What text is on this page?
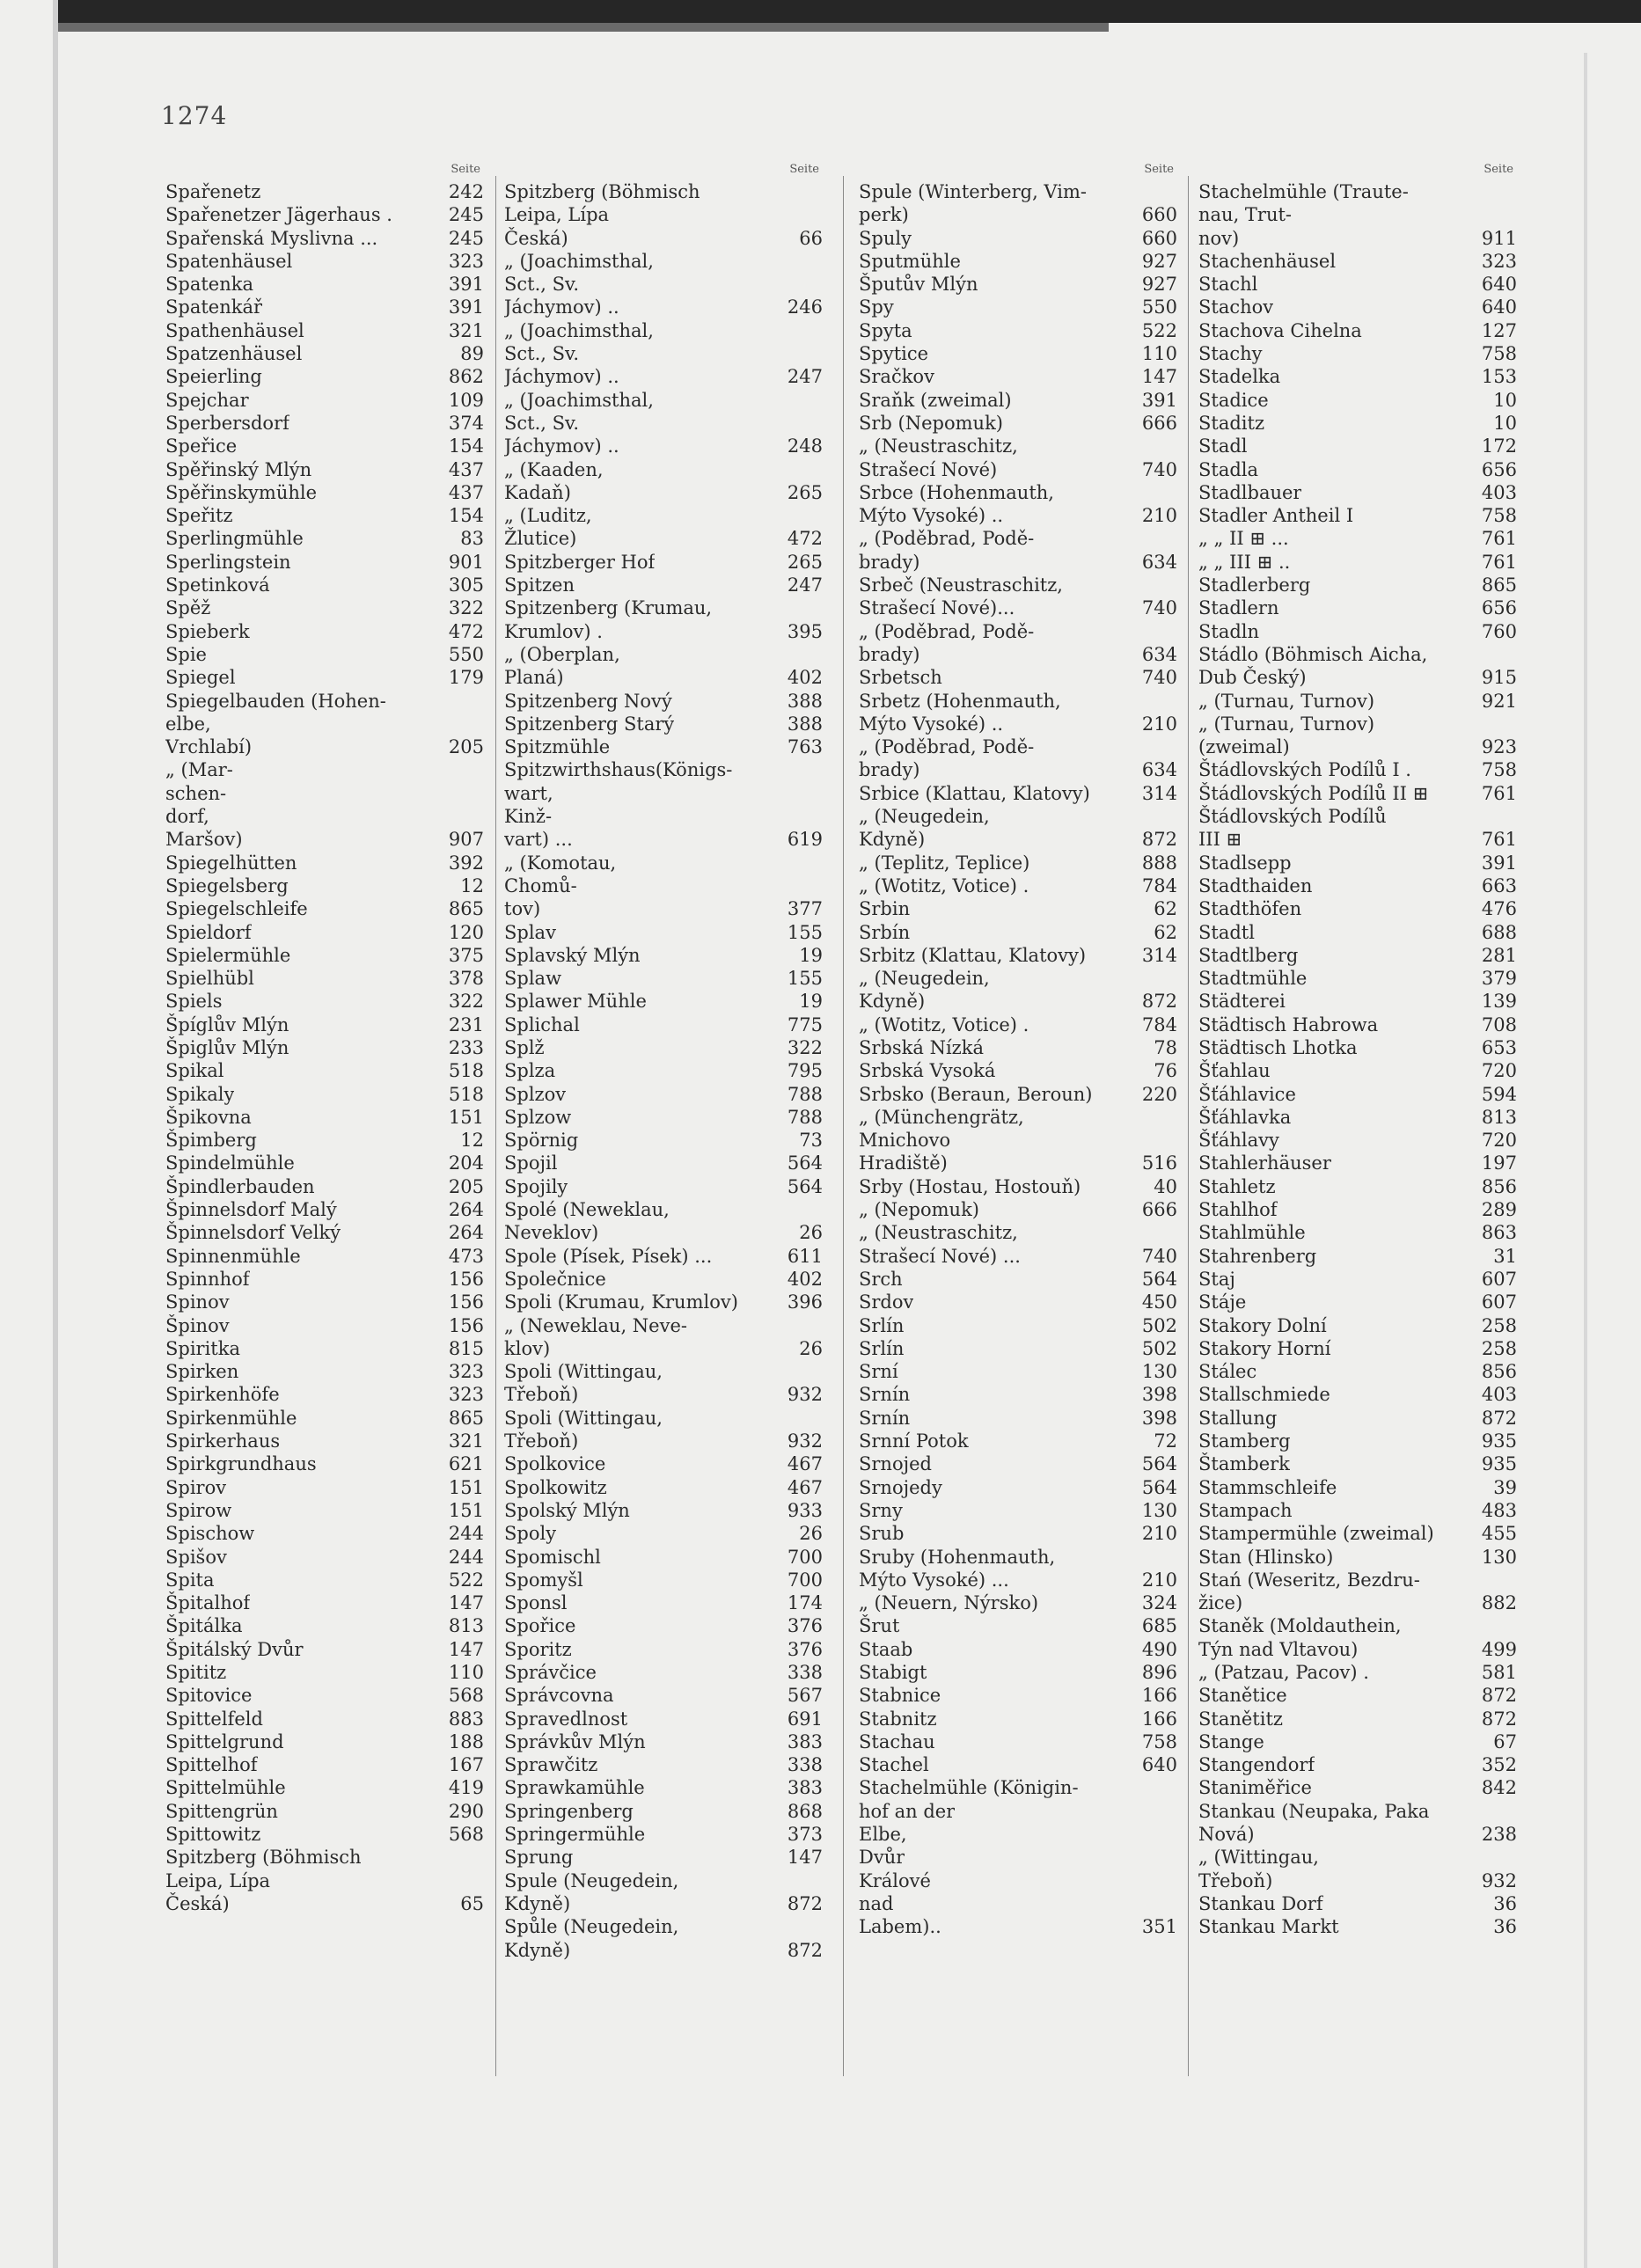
1274
Seite
Spařenetz	242
Spařenetzer Jägerhaus .	245
Spařenská Myslivna ...	245
Spatenhäusel	323
Spatenka	391
Spatenkář	391
Spathenhäusel	321
Spatzenhäusel	89
Speierling	862
Spejchar	109
Sperbersdorf	374
Speřice	154
Spěřinský Mlýn	437
Spěřinskymühle	437
Speřitz	154
Sperlingmühle	83
Sperlingstein	901
Spetinková	305
Spěž	322
Spieberk	472
Spie	550
Spiegel	179
Spiegelbauden (Hohen-
elbe,
Vrchlabí)	205
„ (Mar-
schen-
dorf,
Maršov)	907
Spiegelhütten	392
Spiegelsberg	12
Spiegelschleife	865
Spieldorf	120
Spielermühle	375
Spielhübl	378
Spiels	322
Špíglův Mlýn	231
Špiglův Mlýn	233
Spikal	518
Spikaly	518
Špikovna	151
Špimberg	12
Spindelmühle	204
Špindlerbauden	205
Špinnelsdorf Malý	264
Špinnelsdorf Velký	264
Spinnenmühle	473
Spinnhof	156
Spinov	156
Špinov	156
Spiritka	815
Spirken	323
Spirkenhöfe	323
Spirkenmühle	865
Spirkerhaus	321
Spirkgrundhaus	621
Spirov	151
Spirow	151
Spischow	244
Spišov	244
Spita	522
Špitalhof	147
Špitálka	813
Špitálský Dvůr	147
Spititz	110
Spitovice	568
Spittelfeld	883
Spittelgrund	188
Spittelhof	167
Spittelmühle	419
Spittengrün	290
Spittowitz	568
Spitzberg (Böhmisch
Leipa, Lípa
Česká)	65
Seite
Spitzberg (Böhmisch
Leipa, Lípa
Česká)	66
„ (Joachimsthal,
Sct., Sv.
Jáchymov) ..	246
„ (Joachimsthal,
Sct., Sv.
Jáchymov) ..	247
„ (Joachimsthal,
Sct., Sv.
Jáchymov) ..	248
„ (Kaaden,
Kadaň)	265
„ (Luditz,
Žlutice)	472
Spitzberger Hof	265
Spitzen	247
Spitzenberg (Krumau,
Krumlov) .	395
„ (Oberplan,
Planá)	402
Spitzenberg Nový	388
Spitzenberg Starý	388
Spitzmühle	763
Spitzwirthshaus(Königs-
wart,
Kinž-
vart) ...	619
„ (Komotau,
Chomů-
tov)	377
Splav	155
Splavský Mlýn	19
Splaw	155
Splawer Mühle	19
Splichal	775
Splž	322
Splza	795
Splzov	788
Splzow	788
Spörnig	73
Spojil	564
Spojily	564
Spolé (Neweklau,
Neveklov)	26
Spole (Písek, Písek) ...	611
Společnice	402
Spoli (Krumau, Krumlov)	396
„ (Neweklau, Neve-
klov)	26
Spoli (Wittingau,
Třeboň)	932
Spoli (Wittingau,
Třeboň)	932
Spolkovice	467
Spolkowitz	467
Spolský Mlýn	933
Spoly	26
Spomischl	700
Spomyšl	700
Sponsl	174
Spořice	376
Sporitz	376
Správčice	338
Správcovna	567
Spravedlnost	691
Správkův Mlýn	383
Sprawčitz	338
Sprawkamühle	383
Springenberg	868
Springermühle	373
Sprung	147
Spule (Neugedein,
Kdyně)	872
Spůle (Neugedein,
Kdyně)	872
Seite
Spule (Winterberg, Vim-
perk)	660
Spuly	660
Sputmühle	927
Šputův Mlýn	927
Spy	550
Spyta	522
Spytice	110
Sračkov	147
Sraňk (zweimal)	391
Srb (Nepomuk)	666
„ (Neustraschitz,
Strašecí Nové)	740
Srbce (Hohenmauth,
Mýto Vysoké) ..	210
„ (Poděbrad, Podě-
brady)	634
Srbeč (Neustraschitz,
Strašecí Nové)...	740
„ (Poděbrad, Podě-
brady)	634
Srbetsch	740
Srbetz (Hohenmauth,
Mýto Vysoké) ..	210
„ (Poděbrad, Podě-
brady)	634
Srbice (Klattau, Klatovy)	314
„ (Neugedein,
Kdyně)	872
„ (Teplitz, Teplice)	888
„ (Wotitz, Votice) .	784
Srbin	62
Srbín	62
Srbitz (Klattau, Klatovy)	314
„ (Neugedein,
Kdyně)	872
„ (Wotitz, Votice) .	784
Srbská Nízká	78
Srbská Vysoká	76
Srbsko (Beraun, Beroun)	220
„ (Münchengrätz,
Mnichovo
Hradiště)	516
Srby (Hostau, Hostouň)	40
„ (Nepomuk)	666
„ (Neustraschitz,
Strašecí Nové) ...	740
Srch	564
Srdov	450
Srlín	502
Srlín	502
Srní	130
Srnín	398
Srnín	398
Srnní Potok	72
Srnojed	564
Srnojedy	564
Srny	130
Srub	210
Sruby (Hohenmauth,
Mýto Vysoké) ...	210
„ (Neuern, Nýrsko)	324
Šrut	685
Staab	490
Stabigt	896
Stabnice	166
Stabnitz	166
Stachau	758
Stachel	640
Stachelmühle (Königin-
hof an der
Elbe,
Dvůr
Králové
nad
Labem)..	351
Seite
Stachelmühle (Traute-
nau, Trut-
nov)	911
Stachenhäusel	323
Stachl	640
Stachov	640
Stachova Cihelna	127
Stachy	758
Stadelka	153
Stadice	10
Staditz	10
Stadl	172
Stadla	656
Stadlbauer	403
Stadler Antheil I	758
„ „ II ⊞ ...	761
„ „ III ⊞ ..	761
Stadlerberg	865
Stadlern	656
Stadln	760
Stádlo (Böhmisch Aicha,
Dub Český)	915
„ (Turnau, Turnov)	921
„ (Turnau, Turnov)
(zweimal)	923
Štádlovských Podílů I .	758
Štádlovských Podílů II ⊞	761
Štádlovských Podílů
III ⊞	761
Stadlsepp	391
Stadthaiden	663
Stadthöfen	476
Stadtl	688
Stadtlberg	281
Stadtmühle	379
Städterei	139
Städtisch Habrowa	708
Städtisch Lhotka	653
Šťahlau	720
Šťáhlavice	594
Šťáhlavka	813
Šťáhlavy	720
Stahlerhäuser	197
Stahletz	856
Stahlhof	289
Stahlmühle	863
Stahrenberg	31
Staj	607
Stáje	607
Stakory Dolní	258
Stakory Horní	258
Stálec	856
Stallschmiede	403
Stallung	872
Stamberg	935
Štamberk	935
Stammschleife	39
Stampach	483
Stampermühle (zweimal)	455
Stan (Hlinsko)	130
Stań (Weseritz, Bezdru-
žice)	882
Staněk (Moldauthein,
Týn nad Vltavou)	499
„ (Patzau, Pacov) .	581
Stanětice	872
Stanětitz	872
Stange	67
Stangendorf	352
Staniměřice	842
Stankau (Neupaka, Paka
Nová)	238
„ (Wittingau,
Třeboň)	932
Stankau Dorf	36
Stankau Markt	36
